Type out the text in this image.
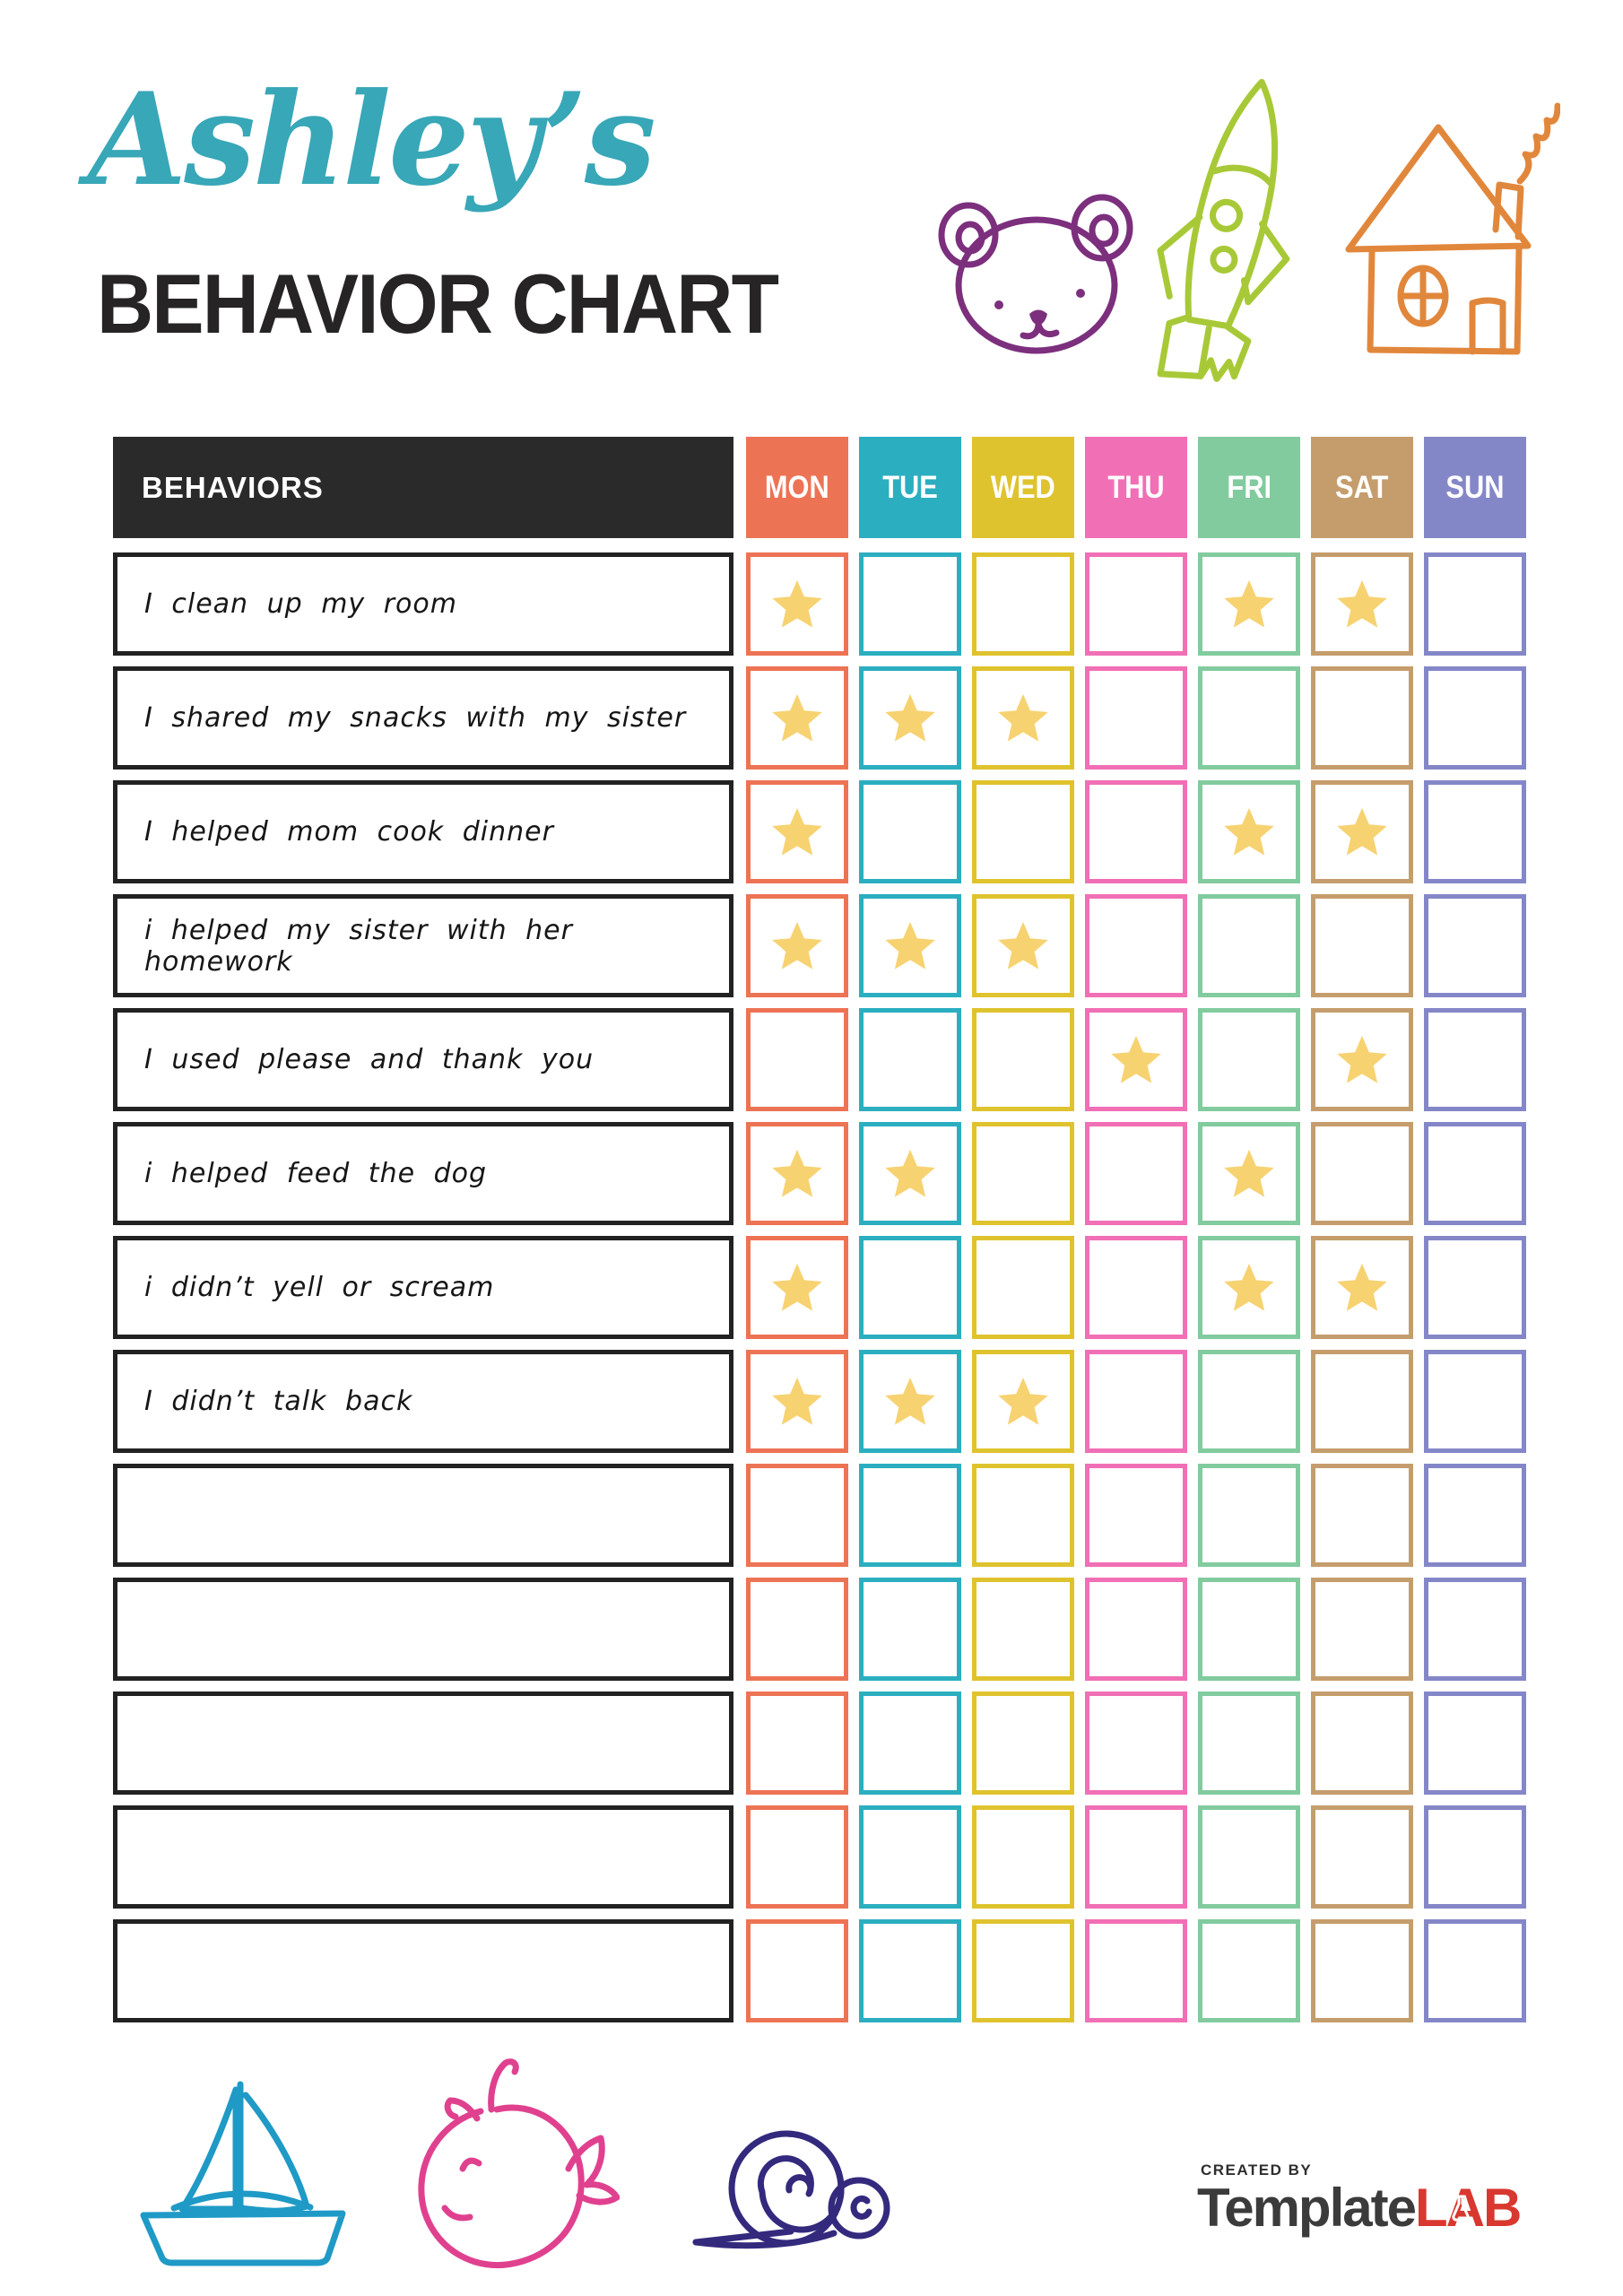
Ashley’s
BEHAVIOR CHART
BEHAVIORS	MON TUE WED THU FRI SAT SUN
I clean up my room
I shared my snacks with my sister
I helped mom cook dinner
i helped my sister with her homework
I used please and thank you
i helped feed the dog
i didn’t yell or scream
I didn’t talk back
CREATED BY
Template LAB
